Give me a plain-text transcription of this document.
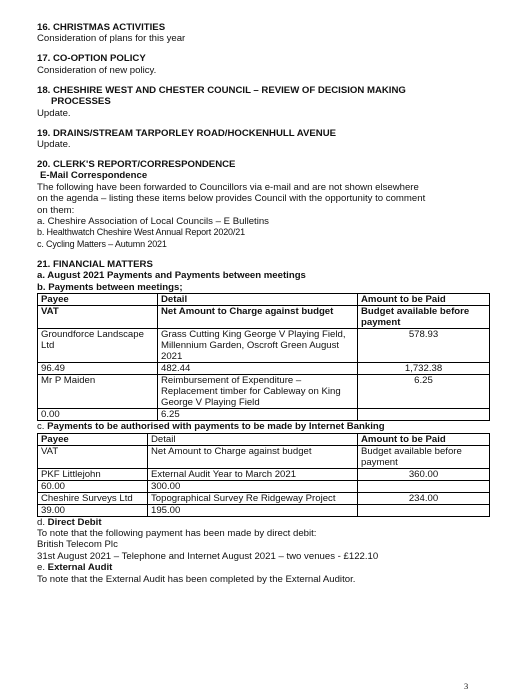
16. CHRISTMAS ACTIVITIES
Consideration of plans for this year
17. CO-OPTION POLICY
Consideration of new policy.
18. CHESHIRE WEST AND CHESTER COUNCIL – REVIEW OF DECISION MAKING
PROCESSES
Update.
19. DRAINS/STREAM TARPORLEY ROAD/HOCKENHULL AVENUE
Update.
20. CLERK'S REPORT/CORRESPONDENCE
E-Mail Correspondence
The following have been forwarded to Councillors via e-mail and are not shown elsewhere
on the agenda – listing these items below provides Council with the opportunity to comment
on them:
a. Cheshire Association of Local Councils – E Bulletins
b. Healthwatch Cheshire West Annual Report 2020/21
c. Cycling Matters – Autumn 2021
21. FINANCIAL MATTERS
a. August 2021 Payments and Payments between meetings
b. Payments between meetings;
Payee	Detail	Amount to be Paid
VAT	Net Amount to Charge against budget	Budget available before payment
Groundforce Landscape Ltd	Grass Cutting King George V Playing Field, Millennium Garden, Oscroft Green August 2021	578.93
96.49	482.44	1,732.38
Mr P Maiden	Reimbursement of Expenditure – Replacement timber for Cableway on King George V Playing Field	6.25
0.00	6.25	
c. Payments to be authorised with payments to be made by Internet Banking
Payee	Detail	Amount to be Paid
VAT	Net Amount to Charge against budget	Budget available before payment
PKF Littlejohn	External Audit Year to March 2021	360.00
60.00	300.00	
Cheshire Surveys Ltd	Topographical Survey Re Ridgeway Project	234.00
39.00	195.00	
d. Direct Debit
To note that the following payment has been made by direct debit:
British Telecom Plc
31st August 2021 – Telephone and Internet August 2021 – two venues - £122.10
e. External Audit
To note that the External Audit has been completed by the External Auditor.
3
